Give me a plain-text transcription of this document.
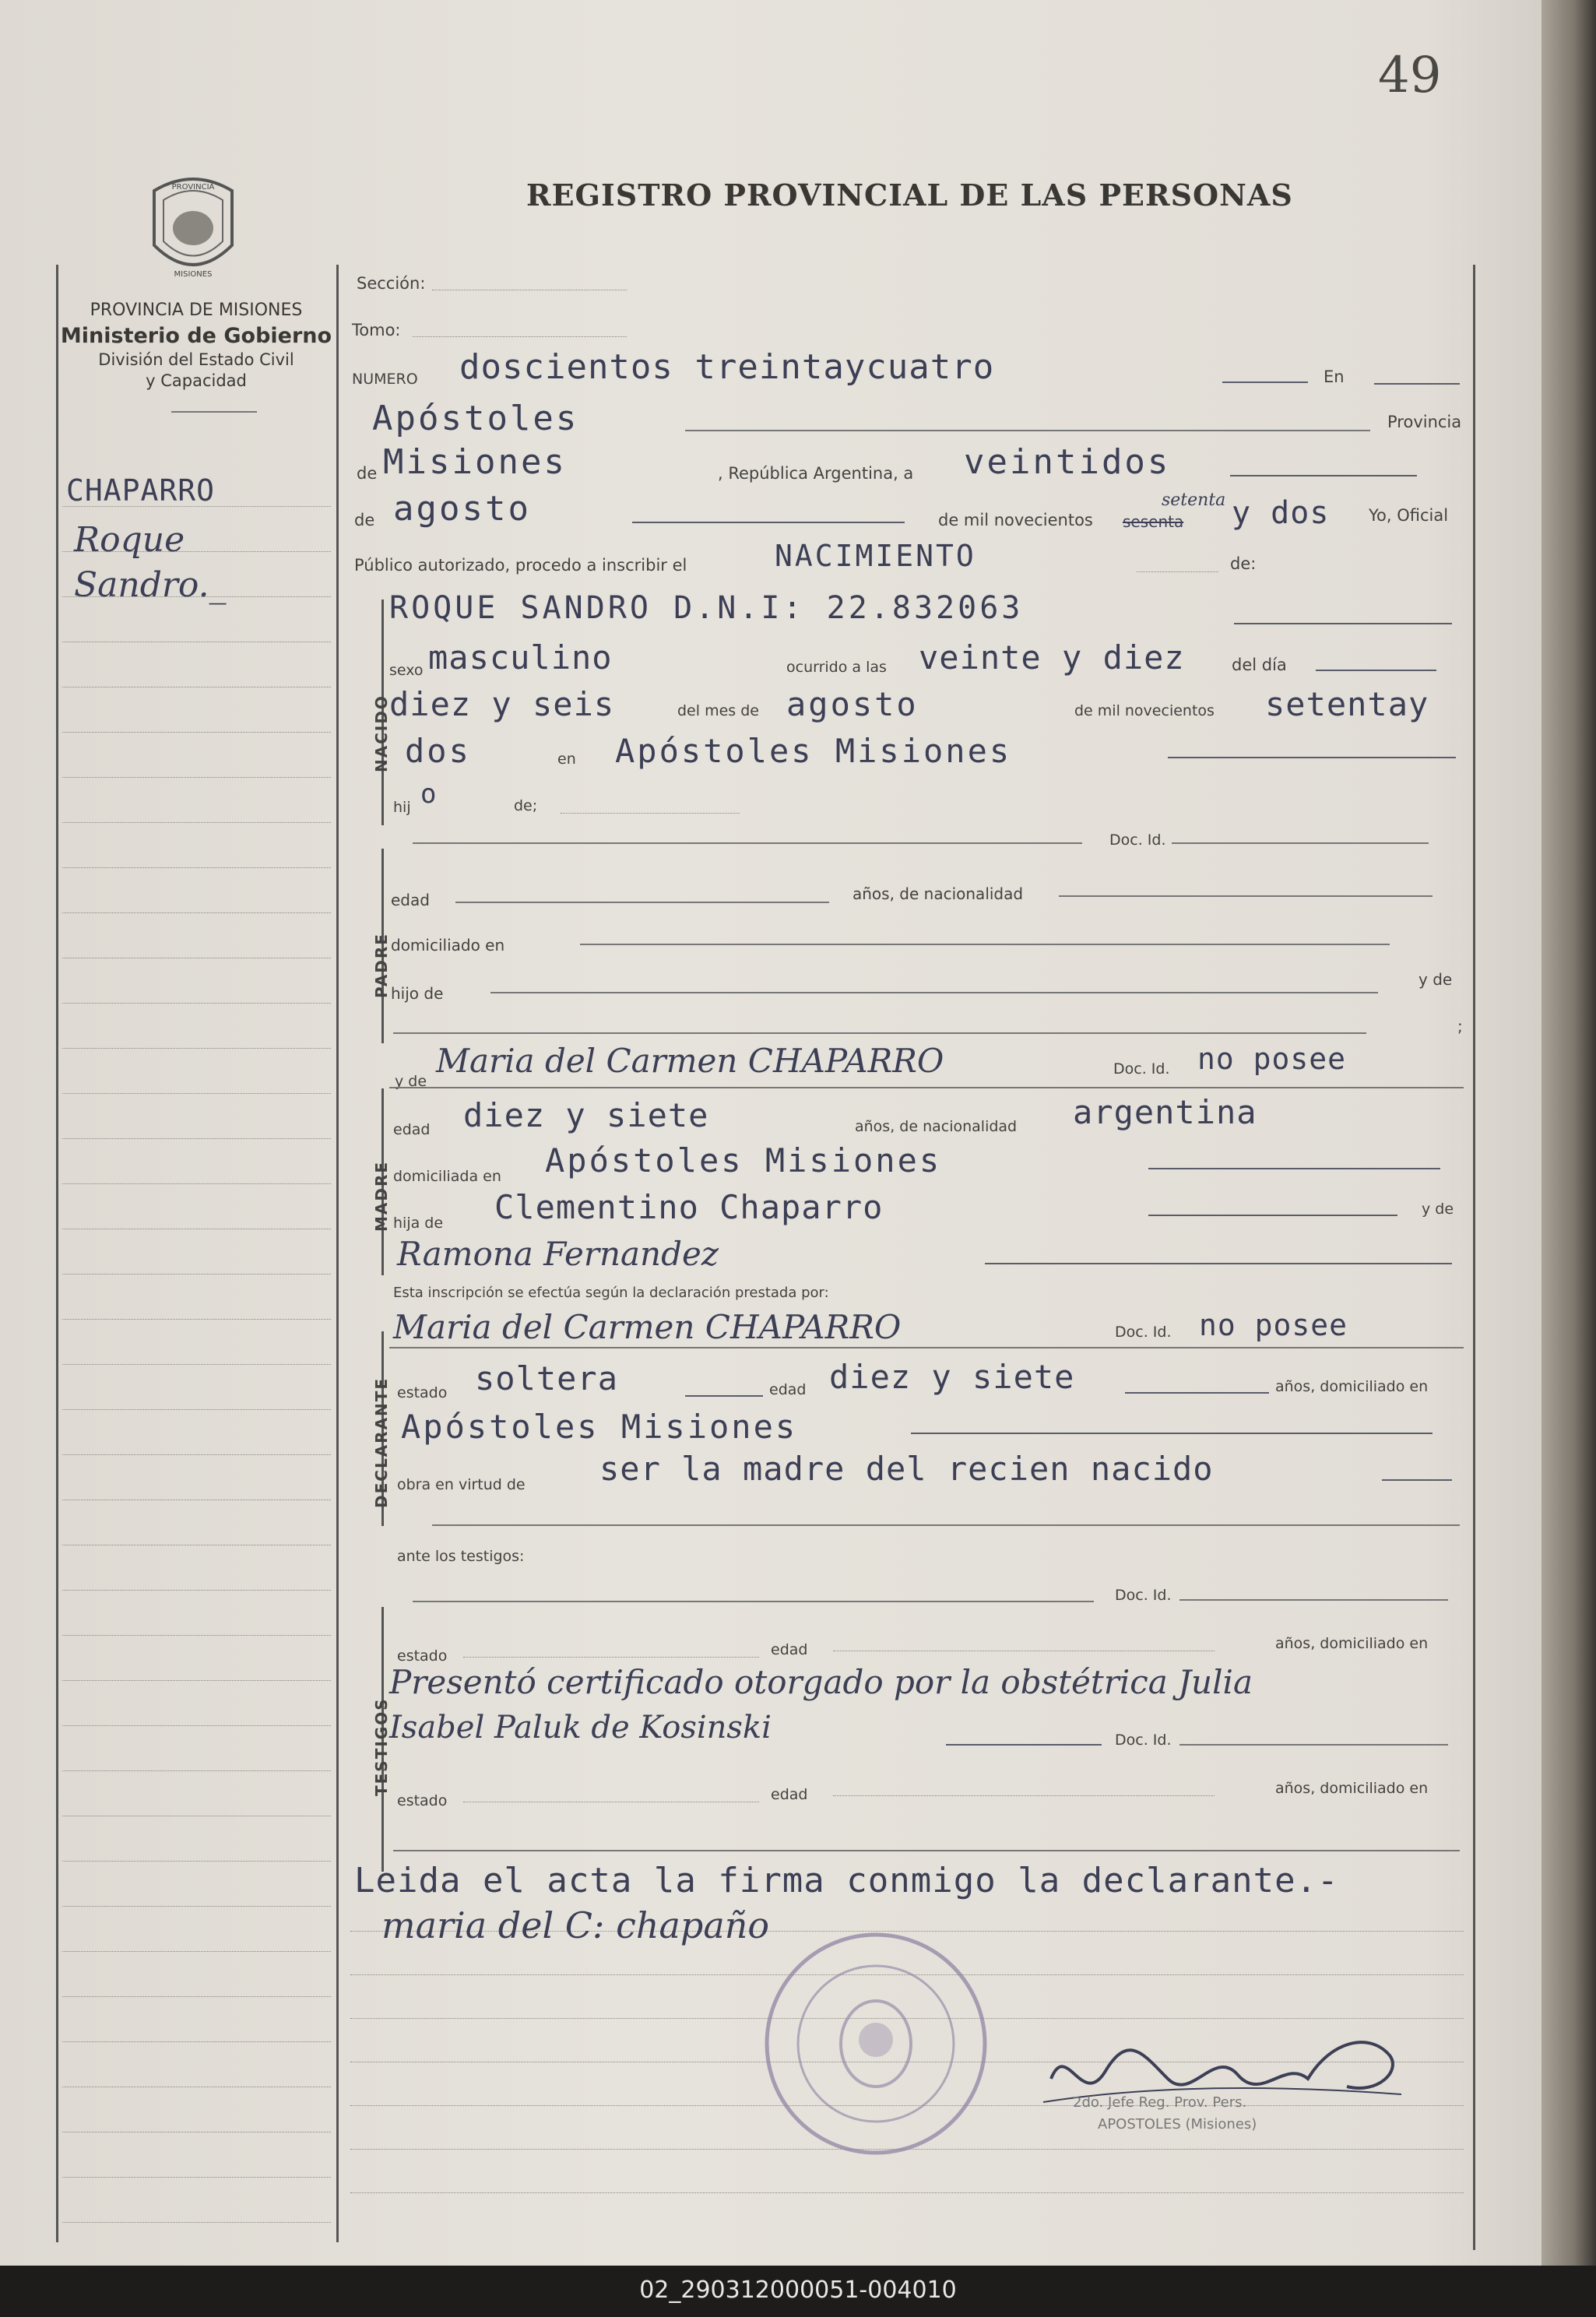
49
PROVINCIA
MISIONES
REGISTRO PROVINCIAL DE LAS PERSONAS
PROVINCIA DE MISIONES
Ministerio de Gobierno
División del Estado Civil
y Capacidad
CHAPARRO
Roque
Sandro._
Sección:
Tomo:
NUMERO doscientos treintaycuatro	En
Apóstoles	Provincia
de Misiones	, República Argentina, a veintidos
de agosto	de mil novecientos sesenta
setenta y dos Yo, Oficial
Público autorizado, procedo a inscribir el	NACIMIENTO	de:
NACIDO
ROQUE SANDRO D.N.I: 22.832063
sexo masculino	ocurrido a las veinte y diez	del día
diez y seis	del mes de agosto	de mil novecientos setentay
dos	en Apóstoles Misiones
hij o	de;
Doc. Id.
PADRE
edad	años, de nacionalidad
domiciliado en
hijo de
y de
;
MADRE
y de
Maria del Carmen CHAPARRO	Doc. Id. no posee
edad diez y siete	años, de nacionalidad argentina
domiciliada en Apóstoles Misiones
hija de Clementino Chaparro	y de
Ramona Fernandez
Esta inscripción se efectúa según la declaración prestada por:
DECLARANTE
Maria del Carmen CHAPARRO	Doc. Id. no posee
estado soltera	edad diez y siete	años, domiciliado en
Apóstoles Misiones
obra en virtud de ser la madre del recien nacido
ante los testigos:
Doc. Id.
TESTIGOS
estado	edad	años, domiciliado en
Presentó certificado otorgado por la obstétrica Julia
Isabel Paluk de Kosinski	Doc. Id.
estado	edad	años, domiciliado en
Leida el acta la firma conmigo la declarante.-
maria del C: chapaño
2do. Jefe Reg. Prov. Pers.
APOSTOLES (Misiones)
02_290312000051-004010
